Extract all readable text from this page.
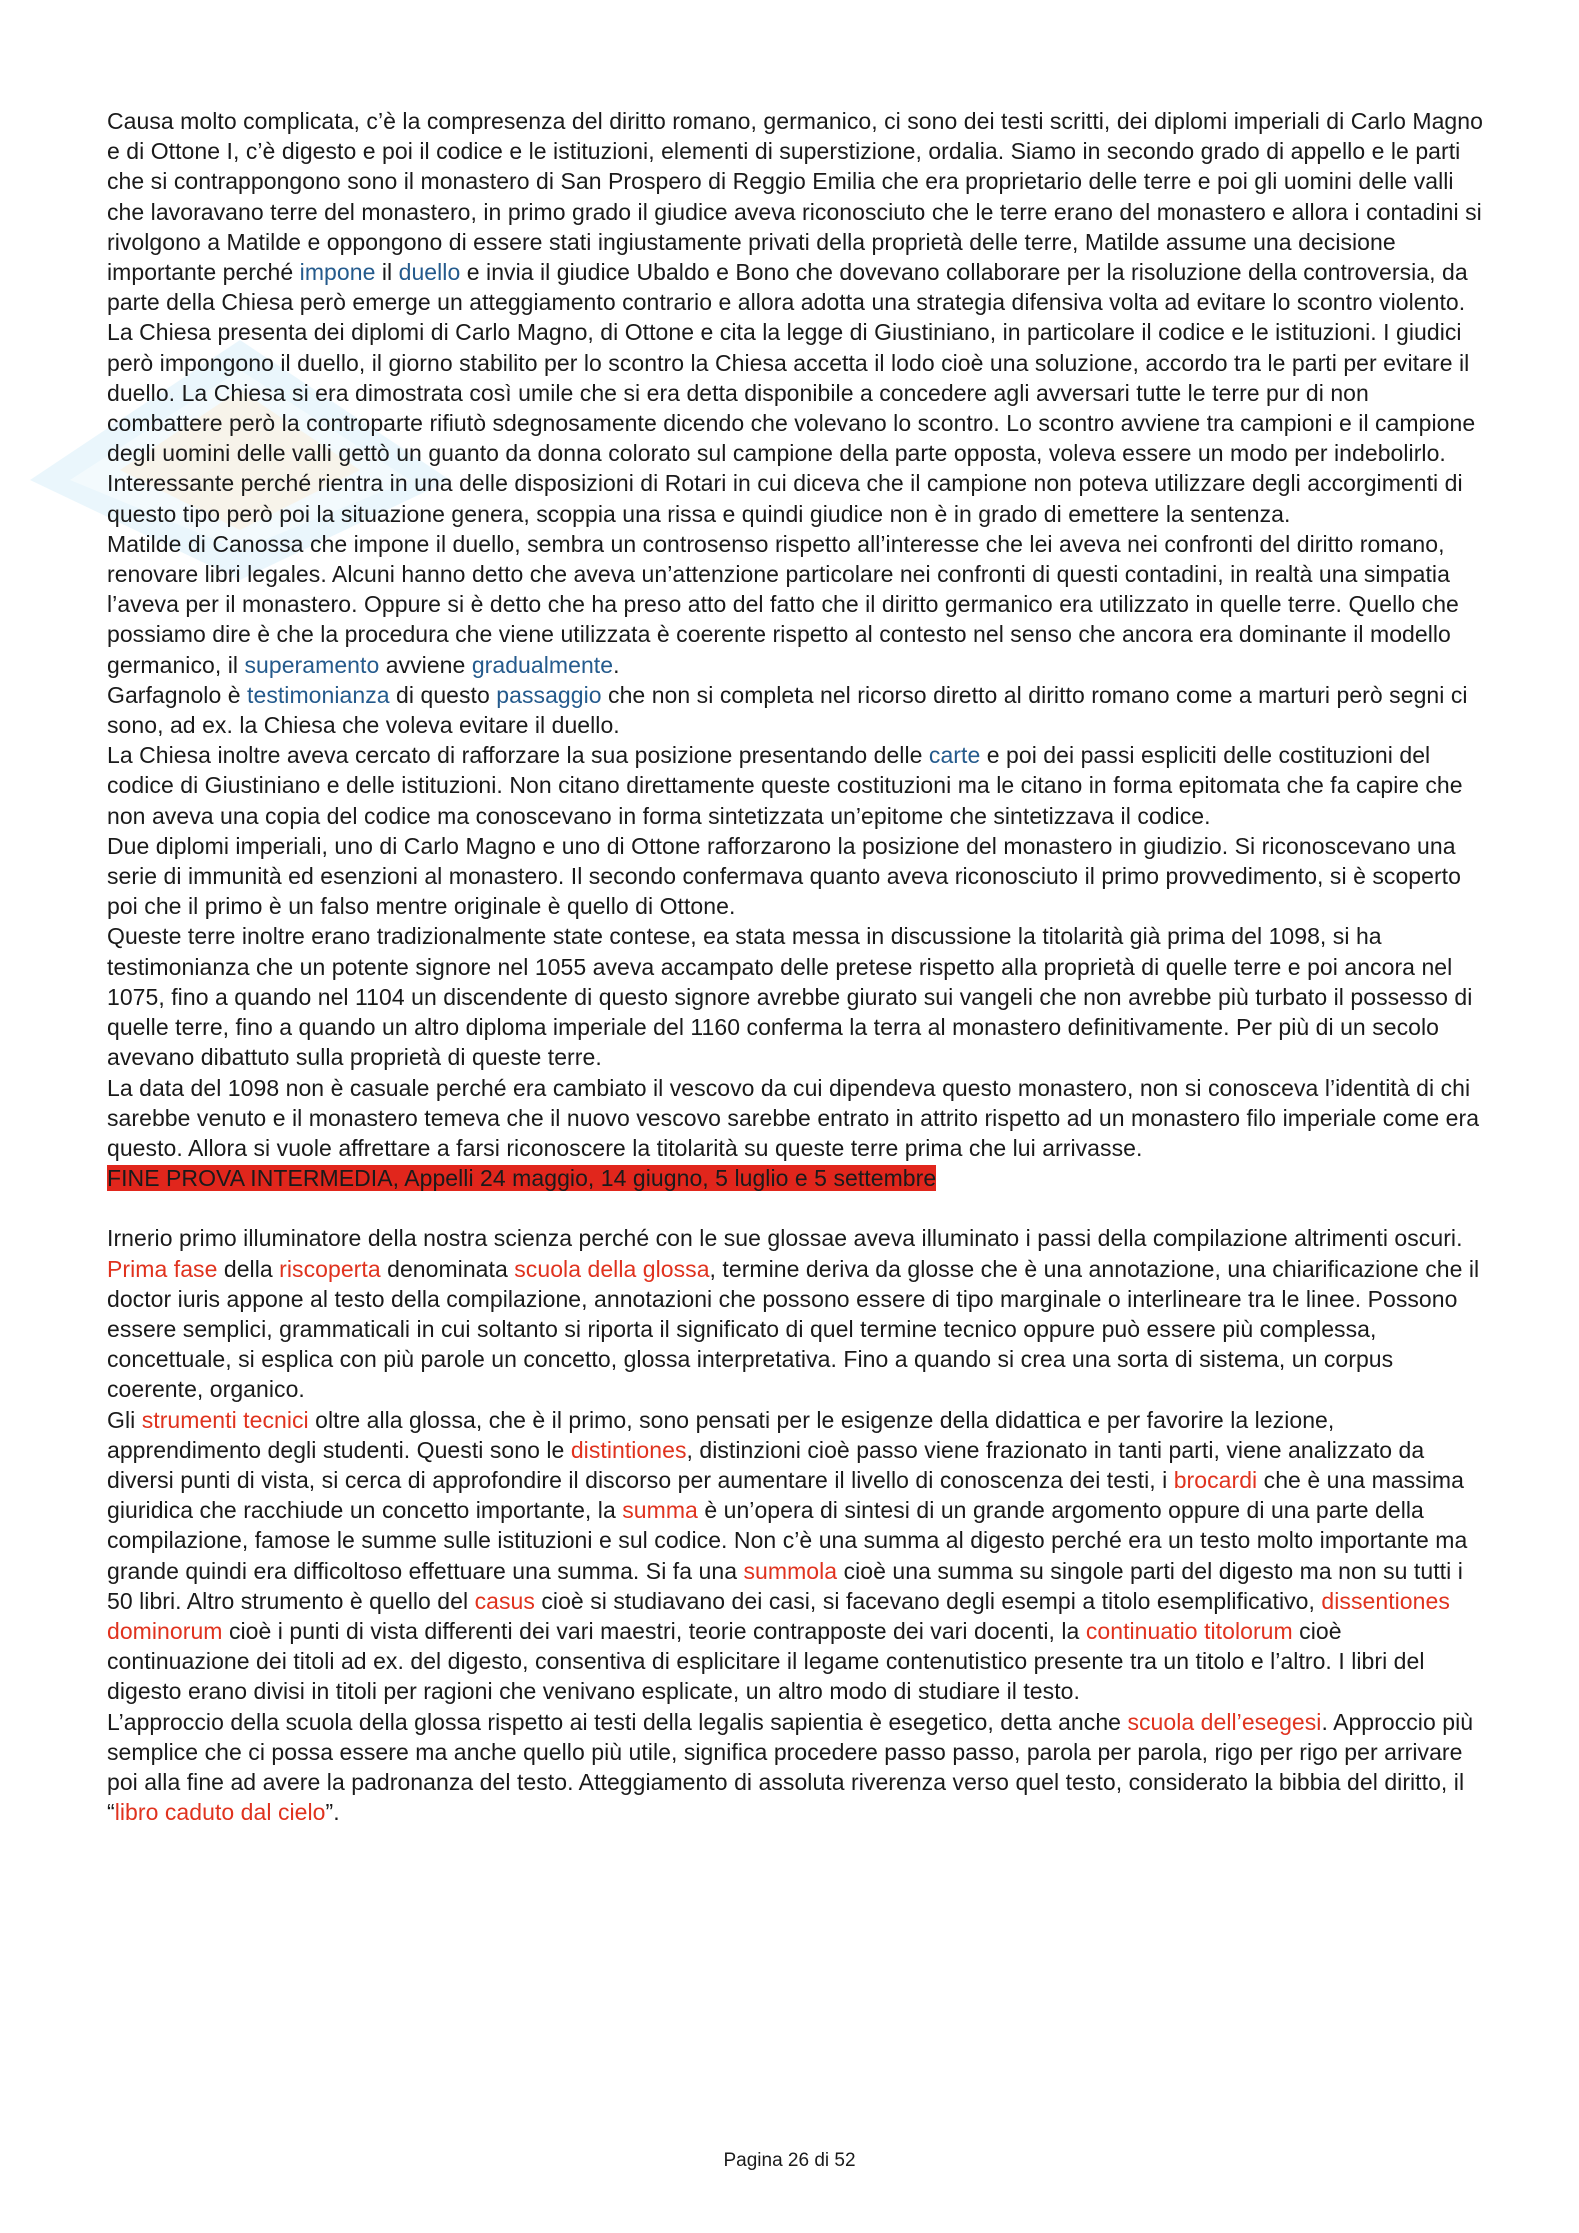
Causa molto complicata, c’è la compresenza del diritto romano, germanico, ci sono dei testi scritti, dei diplomi imperiali di Carlo Magno e di Ottone I, c’è digesto e poi il codice e le istituzioni, elementi di superstizione, ordalia. Siamo in secondo grado di appello e le parti che si contrappongono sono il monastero di San Prospero di Reggio Emilia che era proprietario delle terre e poi gli uomini delle valli che lavoravano terre del monastero, in primo grado il giudice aveva riconosciuto che le terre erano del monastero e allora i contadini si rivolgono a Matilde e oppongono di essere stati ingiustamente privati della proprietà delle terre, Matilde assume una decisione importante perché impone il duello e invia il giudice Ubaldo e Bono che dovevano collaborare per la risoluzione della controversia, da parte della Chiesa però emerge un atteggiamento contrario e allora adotta una strategia difensiva volta ad evitare lo scontro violento. La Chiesa presenta dei diplomi di Carlo Magno, di Ottone e cita la legge di Giustiniano, in particolare il codice e le istituzioni. I giudici però impongono il duello, il giorno stabilito per lo scontro la Chiesa accetta il lodo cioè una soluzione, accordo tra le parti per evitare il duello. La Chiesa si era dimostrata così umile che si era detta disponibile a concedere agli avversari tutte le terre pur di non combattere però la controparte rifiutò sdegnosamente dicendo che volevano lo scontro. Lo scontro avviene tra campioni e il campione degli uomini delle valli gettò un guanto da donna colorato sul campione della parte opposta, voleva essere un modo per indebolirlo. Interessante perché rientra in una delle disposizioni di Rotari in cui diceva che il campione non poteva utilizzare degli accorgimenti di questo tipo però poi la situazione genera, scoppia una rissa e quindi giudice non è in grado di emettere la sentenza.

Matilde di Canossa che impone il duello, sembra un controsenso rispetto all’interesse che lei aveva nei confronti del diritto romano, renovare libri legales. Alcuni hanno detto che aveva un’attenzione particolare nei confronti di questi contadini, in realtà una simpatia l’aveva per il monastero. Oppure si è detto che ha preso atto del fatto che il diritto germanico era utilizzato in quelle terre. Quello che possiamo dire è che la procedura che viene utilizzata è coerente rispetto al contesto nel senso che ancora era dominante il modello germanico, il superamento avviene gradualmente.

Garfagnolo è testimonianza di questo passaggio che non si completa nel ricorso diretto al diritto romano come a marturi però segni ci sono, ad ex. la Chiesa che voleva evitare il duello.

La Chiesa inoltre aveva cercato di rafforzare la sua posizione presentando delle carte e poi dei passi espliciti delle costituzioni del codice di Giustiniano e delle istituzioni. Non citano direttamente queste costituzioni ma le citano in forma epitomata che fa capire che non aveva una copia del codice ma conoscevano in forma sintetizzata un’epitome che sintetizzava il codice.

Due diplomi imperiali, uno di Carlo Magno e uno di Ottone rafforzarono la posizione del monastero in giudizio. Si riconoscevano una serie di immunità ed esenzioni al monastero. Il secondo confermava quanto aveva riconosciuto il primo provvedimento, si è scoperto poi che il primo è un falso mentre originale è quello di Ottone.

Queste terre inoltre erano tradizionalmente state contese, ea stata messa in discussione la titolarità già prima del 1098, si ha testimonianza che un potente signore nel 1055 aveva accampato delle pretese rispetto alla proprietà di quelle terre e poi ancora nel 1075, fino a quando nel 1104 un discendente di questo signore avrebbe giurato sui vangeli che non avrebbe più turbato il possesso di quelle terre, fino a quando un altro diploma imperiale del 1160 conferma la terra al monastero definitivamente. Per più di un secolo avevano dibattuto sulla proprietà di queste terre.

La data del 1098 non è casuale perché era cambiato il vescovo da cui dipendeva questo monastero, non si conosceva l’identità di chi sarebbe venuto e il monastero temeva che il nuovo vescovo sarebbe entrato in attrito rispetto ad un monastero filo imperiale come era questo. Allora si vuole affrettare a farsi riconoscere la titolarità su queste terre prima che lui arrivasse.

FINE PROVA INTERMEDIA, Appelli 24 maggio, 14 giugno, 5 luglio e 5 settembre

Irnerio primo illuminatore della nostra scienza perché con le sue glossae aveva illuminato i passi della compilazione altrimenti oscuri. Prima fase della riscoperta denominata scuola della glossa, termine deriva da glosse che è una annotazione, una chiarificazione che il doctor iuris appone al testo della compilazione, annotazioni che possono essere di tipo marginale o interlineare tra le linee. Possono essere semplici, grammaticali in cui soltanto si riporta il significato di quel termine tecnico oppure può essere più complessa, concettuale, si esplica con più parole un concetto, glossa interpretativa. Fino a quando si crea una sorta di sistema, un corpus coerente, organico.

Gli strumenti tecnici oltre alla glossa, che è il primo, sono pensati per le esigenze della didattica e per favorire la lezione, apprendimento degli studenti. Questi sono le distintiones, distinzioni cioè passo viene frazionato in tanti parti, viene analizzato da diversi punti di vista, si cerca di approfondire il discorso per aumentare il livello di conoscenza dei testi, i brocardi che è una massima giuridica che racchiude un concetto importante, la summa è un’opera di sintesi di un grande argomento oppure di una parte della compilazione, famose le summe sulle istituzioni e sul codice. Non c’è una summa al digesto perché era un testo molto importante ma grande quindi era difficoltoso effettuare una summa. Si fa una summola cioè una summa su singole parti del digesto ma non su tutti i 50 libri. Altro strumento è quello del casus cioè si studiavano dei casi, si facevano degli esempi a titolo esemplificativo, dissentiones dominorum cioè i punti di vista differenti dei vari maestri, teorie contrapposte dei vari docenti, la continuatio titolorum cioè continuazione dei titoli ad ex. del digesto, consentiva di esplicitare il legame contenutistico presente tra un titolo e l’altro. I libri del digesto erano divisi in titoli per ragioni che venivano esplicate, un altro modo di studiare il testo.

L’approccio della scuola della glossa rispetto ai testi della legalis sapientia è esegetico, detta anche scuola dell’esegesi. Approccio più semplice che ci possa essere ma anche quello più utile, significa procedere passo passo, parola per parola, rigo per rigo per arrivare poi alla fine ad avere la padronanza del testo. Atteggiamento di assoluta riverenza verso quel testo, considerato la bibbia del diritto, il “libro caduto dal cielo”.

Pagina 26 di 52
